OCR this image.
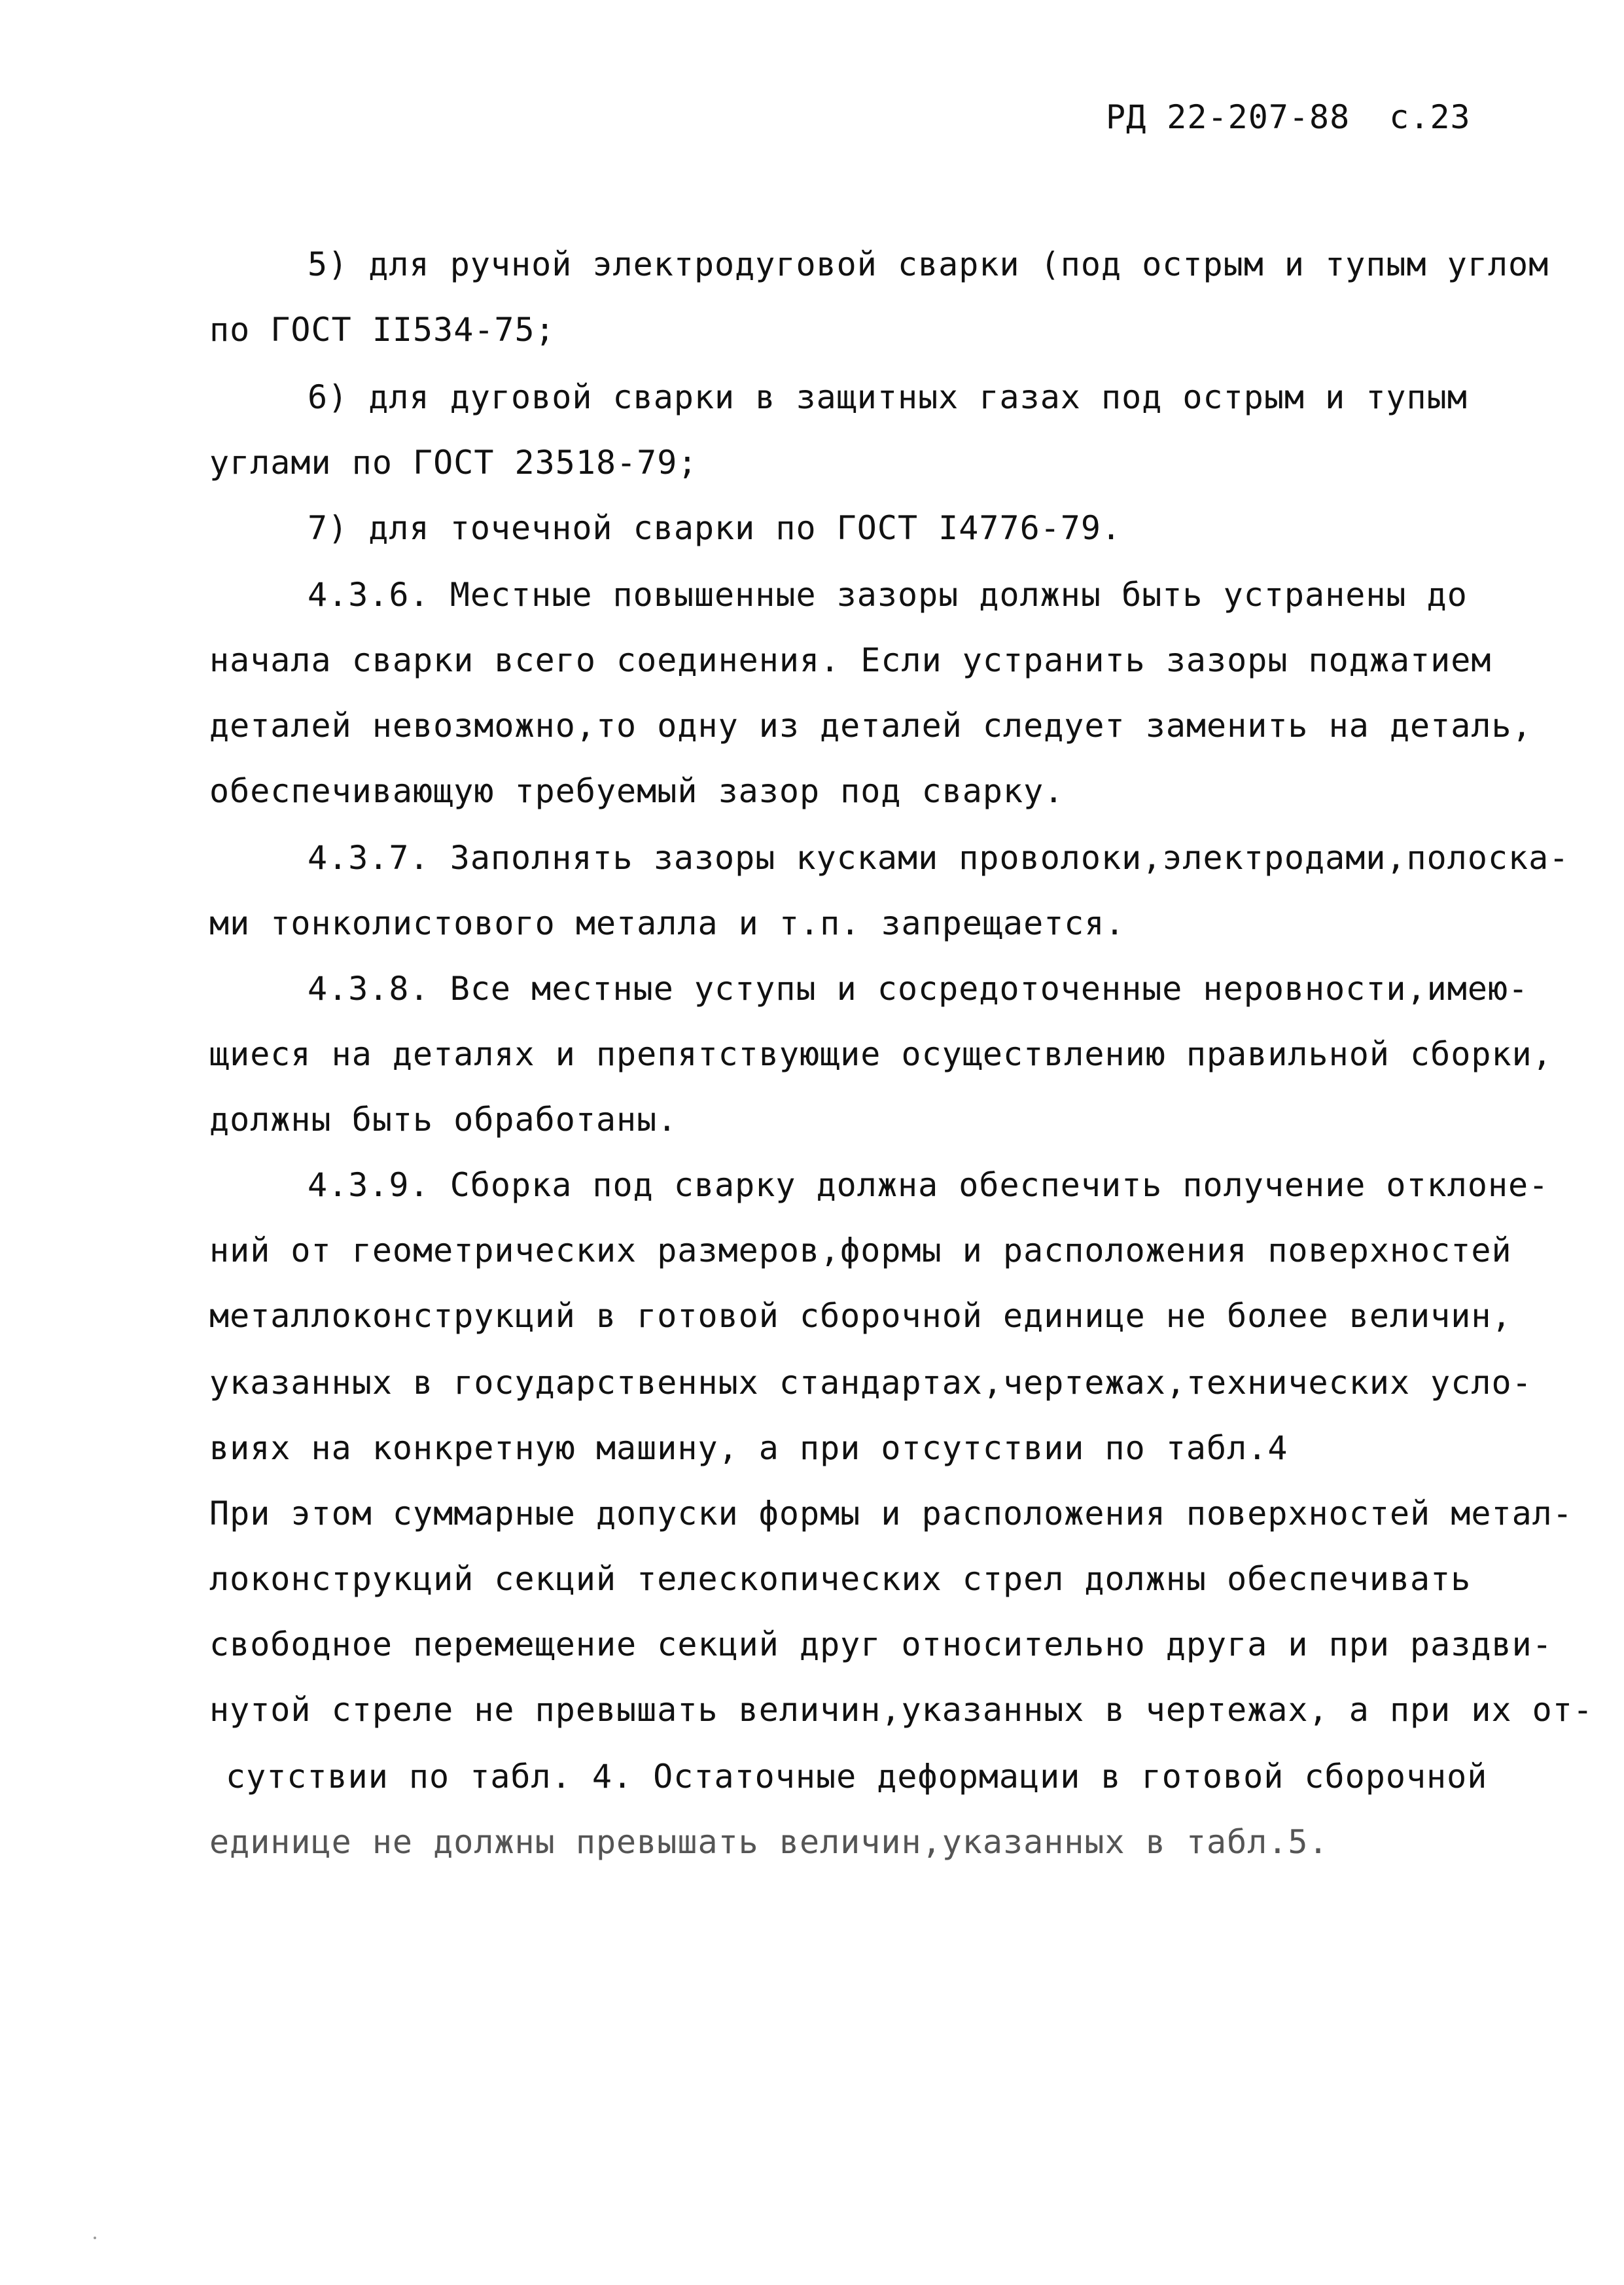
РД 22-207-88 с.23
5) для ручной электродуговой сварки (под острым и тупым углом
по ГОСТ II534-75;
6) для дуговой сварки в защитных газах под острым и тупым
углами по ГОСТ 23518-79;
7) для точечной сварки по ГОСТ I4776-79.
4.3.6. Местные повышенные зазоры должны быть устранены до
начала сварки всего соединения. Если устранить зазоры поджатием
деталей невозможно,то одну из деталей следует заменить на деталь,
обеспечивающую требуемый зазор под сварку.
4.3.7. Заполнять зазоры кусками проволоки,электродами,полоска-
ми тонколистового металла и т.п. запрещается.
4.3.8. Все местные уступы и сосредоточенные неровности,имею-
щиеся на деталях и препятствующие осуществлению правильной сборки,
должны быть обработаны.
4.3.9. Сборка под сварку должна обеспечить получение отклоне-
ний от геометрических размеров,формы и расположения поверхностей
металлоконструкций в готовой сборочной единице не более величин,
указанных в государственных стандартах,чертежах,технических усло-
виях на конкретную машину, а при отсутствии по табл.4
При этом суммарные допуски формы и расположения поверхностей метал-
локонструкций секций телескопических стрел должны обеспечивать
свободное перемещение секций друг относительно друга и при раздви-
нутой стреле не превышать величин,указанных в чертежах, а при их от-
сутствии по табл. 4. Остаточные деформации в готовой сборочной
единице не должны превышать величин,указанных в табл.5.
